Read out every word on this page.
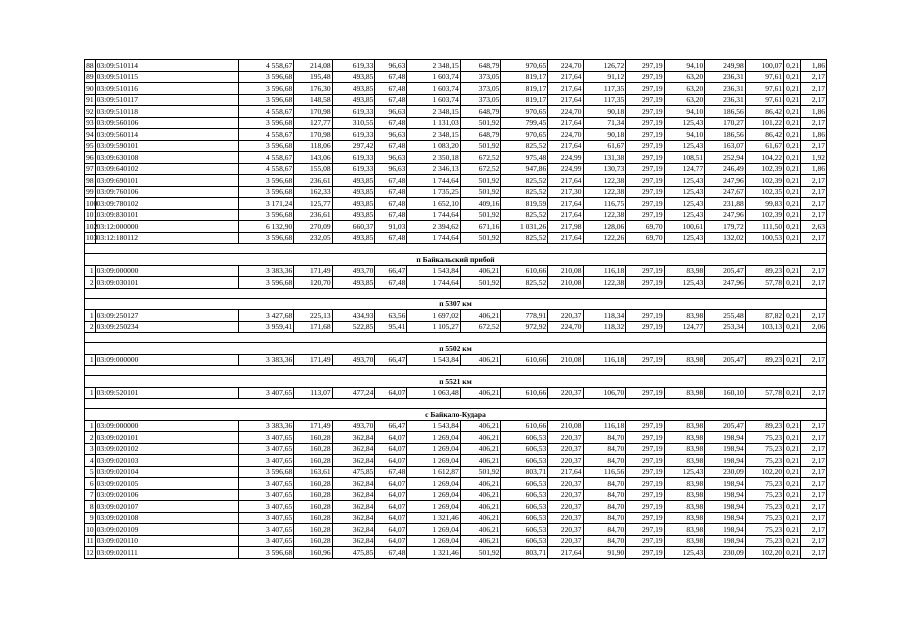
88	03:09:510114	4 558,67	214,08	619,33	96,63	2 348,15	648,79	970,65	224,70	126,72	297,19	94,10	249,98	100,07	0,21	1,86
89	03:09:510115	3 596,68	195,48	493,85	67,48	1 603,74	373,05	819,17	217,64	91,12	297,19	63,20	236,31	97,61	0,21	2,17
90	03:09:510116	3 596,68	176,30	493,85	67,48	1 603,74	373,05	819,17	217,64	117,35	297,19	63,20	236,31	97,61	0,21	2,17
91	03:09:510117	3 596,68	148,58	493,85	67,48	1 603,74	373,05	819,17	217,64	117,35	297,19	63,20	236,31	97,61	0,21	2,17
92	03:09:510118	4 558,67	170,98	619,33	96,63	2 348,15	648,79	970,65	224,70	90,18	297,19	94,10	186,56	86,42	0,21	1,86
93	03:09:560106	3 596,68	127,77	310,55	67,48	1 131,03	501,92	799,45	217,64	71,34	297,19	125,43	170,27	101,22	0,21	2,17
94	03:09:560114	4 558,67	170,98	619,33	96,63	2 348,15	648,79	970,65	224,70	90,18	297,19	94,10	186,56	86,42	0,21	1,86
95	03:09:590101	3 596,68	118,06	297,42	67,48	1 083,20	501,92	825,52	217,64	61,67	297,19	125,43	163,07	61,67	0,21	2,17
96	03:09:630108	4 558,67	143,06	619,33	96,63	2 350,18	672,52	975,48	224,99	131,38	297,19	108,51	252,94	104,22	0,21	1,92
97	03:09:640102	4 558,67	155,08	619,33	96,63	2 346,13	672,52	947,86	224,99	130,73	297,19	124,77	246,49	102,39	0,21	1,86
98	03:09:690101	3 596,68	236,61	493,85	67,48	1 744,64	501,92	825,52	217,64	122,38	297,19	125,43	247,96	102,39	0,21	2,17
99	03:09:760106	3 596,68	162,33	493,85	67,48	1 735,25	501,92	825,52	217,30	122,38	297,19	125,43	247,67	102,35	0,21	2,17
100	03:09:780102	3 171,24	125,77	493,85	67,48	1 652,10	409,16	819,59	217,64	116,75	297,19	125,43	231,88	99,83	0,21	2,17
101	03:09:830101	3 596,68	236,61	493,85	67,48	1 744,64	501,92	825,52	217,64	122,38	297,19	125,43	247,96	102,39	0,21	2,17
102	03:12:000000	6 132,90	270,09	660,37	91,03	2 394,62	671,16	1 031,26	217,98	128,06	69,70	100,61	179,72	111,50	0,21	2,63
103	03:12:180112	3 596,68	232,05	493,85	67,48	1 744,64	501,92	825,52	217,64	122,26	69,70	125,43	132,02	100,53	0,21	2,17

п Байкальский прибой																
1	03:09:000000	3 383,36	171,49	493,70	66,47	1 543,84	406,21	610,66	210,08	116,18	297,19	83,98	205,47	89,23	0,21	2,17
2	03:09:030101	3 596,68	120,70	493,85	67,48	1 744,64	501,92	825,52	210,08	122,38	297,19	125,43	247,96	57,78	0,21	2,17

п 5307 км																
1	03:09:250127	3 427,68	225,13	434,93	63,56	1 697,02	406,21	778,91	220,37	118,34	297,19	83,98	255,48	87,82	0,21	2,17
2	03:09:250234	3 959,41	171,68	522,85	95,41	1 105,27	672,52	972,92	224,70	118,32	297,19	124,77	253,34	103,13	0,21	2,06

п 5502 км																
1	03:09:000000	3 383,36	171,49	493,70	66,47	1 543,84	406,21	610,66	210,08	116,18	297,19	83,98	205,47	89,23	0,21	2,17

п 5521 км																
1	03:09:520101	3 407,65	113,07	477,24	64,07	1 063,48	406,21	610,66	220,37	106,70	297,19	83,98	160,10	57,78	0,21	2,17

с Байкало-Кудара																
1	03:09:000000	3 383,36	171,49	493,70	66,47	1 543,84	406,21	610,66	210,08	116,18	297,19	83,98	205,47	89,23	0,21	2,17
2	03:09:020101	3 407,65	160,28	362,84	64,07	1 269,04	406,21	606,53	220,37	84,70	297,19	83,98	198,94	75,23	0,21	2,17
3	03:09:020102	3 407,65	160,28	362,84	64,07	1 269,04	406,21	606,53	220,37	84,70	297,19	83,98	198,94	75,23	0,21	2,17
4	03:09:020103	3 407,65	160,28	362,84	64,07	1 269,04	406,21	606,53	220,37	84,70	297,19	83,98	198,94	75,23	0,21	2,17
5	03:09:020104	3 596,68	163,61	475,85	67,48	1 612,87	501,92	803,71	217,64	116,56	297,19	125,43	230,09	102,20	0,21	2,17
6	03:09:020105	3 407,65	160,28	362,84	64,07	1 269,04	406,21	606,53	220,37	84,70	297,19	83,98	198,94	75,23	0,21	2,17
7	03:09:020106	3 407,65	160,28	362,84	64,07	1 269,04	406,21	606,53	220,37	84,70	297,19	83,98	198,94	75,23	0,21	2,17
8	03:09:020107	3 407,65	160,28	362,84	64,07	1 269,04	406,21	606,53	220,37	84,70	297,19	83,98	198,94	75,23	0,21	2,17
9	03:09:020108	3 407,65	160,28	362,84	64,07	1 321,46	406,21	606,53	220,37	84,70	297,19	83,98	198,94	75,23	0,21	2,17
10	03:09:020109	3 407,65	160,28	362,84	64,07	1 269,04	406,21	606,53	220,37	84,70	297,19	83,98	198,94	75,23	0,21	2,17
11	03:09:020110	3 407,65	160,28	362,84	64,07	1 269,04	406,21	606,53	220,37	84,70	297,19	83,98	198,94	75,23	0,21	2,17
12	03:09:020111	3 596,68	160,96	475,85	67,48	1 321,46	501,92	803,71	217,64	91,90	297,19	125,43	230,09	102,20	0,21	2,17
